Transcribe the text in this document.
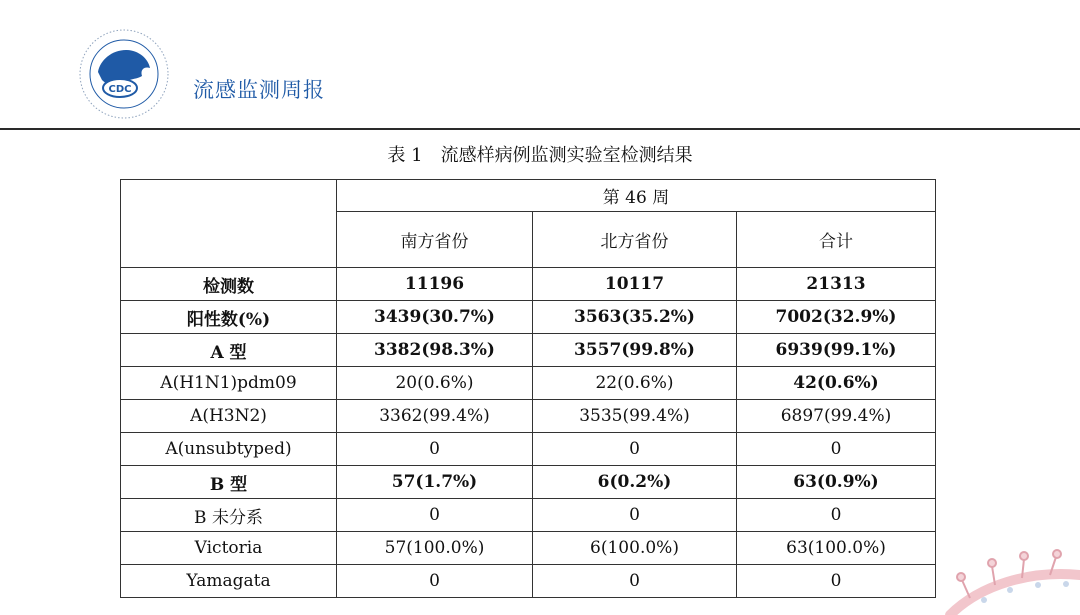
CDC	流感监测周报
表 1 流感样病例监测实验室检测结果
	第 46 周		
	南方省份	北方省份	合计
检测数	11196	10117	21313
阳性数(%)	3439(30.7%)	3563(35.2%)	7002(32.9%)
A 型	3382(98.3%)	3557(99.8%)	6939(99.1%)
A(H1N1)pdm09	20(0.6%)	22(0.6%)	42(0.6%)
A(H3N2)	3362(99.4%)	3535(99.4%)	6897(99.4%)
A(unsubtyped)	0	0	0
B 型	57(1.7%)	6(0.2%)	63(0.9%)
B 未分系	0	0	0
Victoria	57(100.0%)	6(100.0%)	63(100.0%)
Yamagata	0	0	0
